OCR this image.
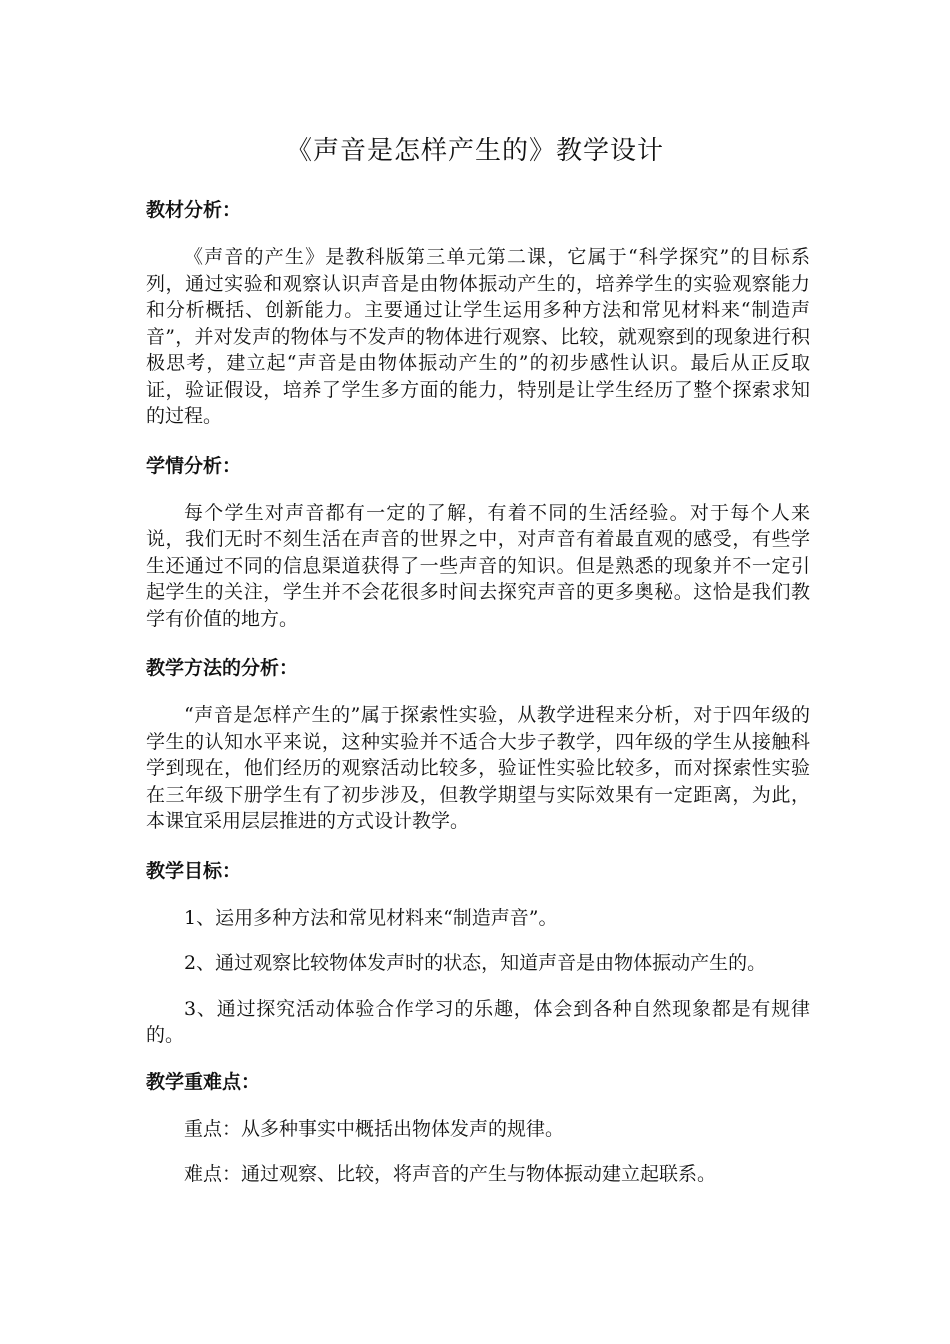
《声音是怎样产生的》教学设计
教材分析：

《声音的产生》是教科版第三单元第二课，它属于“科学探究”的目标系列，通过实验和观察认识声音是由物体振动产生的，培养学生的实验观察能力和分析概括、创新能力。主要通过让学生运用多种方法和常见材料来“制造声音”，并对发声的物体与不发声的物体进行观察、比较，就观察到的现象进行积极思考，建立起“声音是由物体振动产生的”的初步感性认识。最后从正反取证，验证假设，培养了学生多方面的能力，特别是让学生经历了整个探索求知的过程。

学情分析：

每个学生对声音都有一定的了解，有着不同的生活经验。对于每个人来说，我们无时不刻生活在声音的世界之中，对声音有着最直观的感受，有些学生还通过不同的信息渠道获得了一些声音的知识。但是熟悉的现象并不一定引起学生的关注，学生并不会花很多时间去探究声音的更多奥秘。这恰是我们教学有价值的地方。

教学方法的分析：

“声音是怎样产生的”属于探索性实验，从教学进程来分析，对于四年级的学生的认知水平来说，这种实验并不适合大步子教学，四年级的学生从接触科学到现在，他们经历的观察活动比较多，验证性实验比较多，而对探索性实验在三年级下册学生有了初步涉及，但教学期望与实际效果有一定距离，为此，本课宜采用层层推进的方式设计教学。

教学目标：

1、运用多种方法和常见材料来“制造声音”。

2、通过观察比较物体发声时的状态，知道声音是由物体振动产生的。

3、通过探究活动体验合作学习的乐趣，体会到各种自然现象都是有规律的。

教学重难点：

重点：从多种事实中概括出物体发声的规律。

难点：通过观察、比较，将声音的产生与物体振动建立起联系。
